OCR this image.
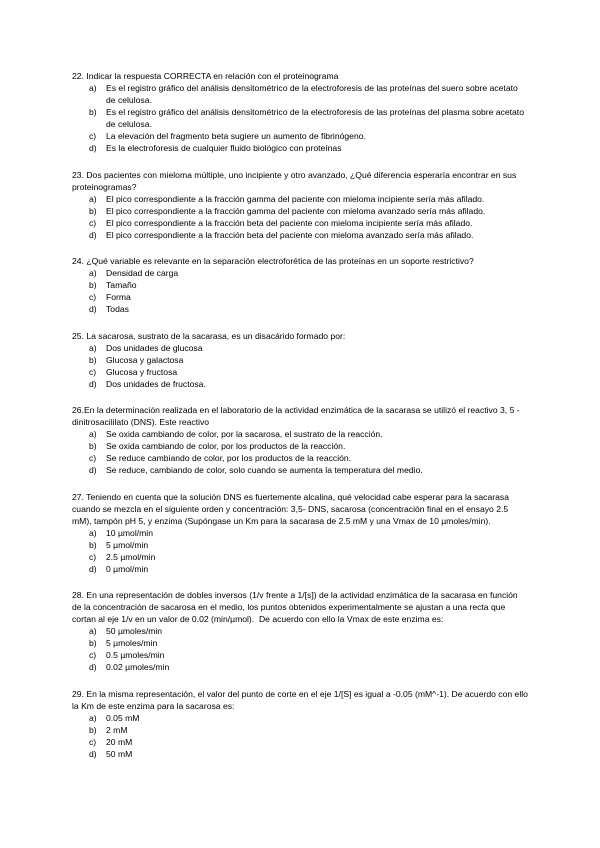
22. Indicar la respuesta CORRECTA en relación con el proteinograma

a)	Es el registro gráfico del análisis densitométrico de la electroforesis de las proteínas del suero sobre acetato de celulosa.
b)	Es el registro gráfico del análisis densitométrico de la electroforesis de las proteínas del plasma sobre acetato de celulosa.
c)	La elevación del fragmento beta sugiere un aumento de fibrinógeno.
d)	Es la electroforesis de cualquier fluido biológico con proteínas

23. Dos pacientes con mieloma múltiple, uno incipiente y otro avanzado, ¿Qué diferencia esperaría encontrar en sus proteinogramas?

a)	El pico correspondiente a la fracción gamma del paciente con mieloma incipiente sería más afilado.
b)	El pico correspondiente a la fracción gamma del paciente con mieloma avanzado sería más afilado.
c)	El pico correspondiente a la fracción beta del paciente con mieloma incipiente sería más afilado.
d)	El pico correspondiente a la fracción beta del paciente con mieloma avanzado sería más afilado.

24. ¿Qué variable es relevante en la separación electroforética de las proteínas en un soporte restrictivo?

a)	Densidad de carga
b)	Tamaño
c)	Forma
d)	Todas

25. La sacarosa, sustrato de la sacarasa, es un disacárido formado por:

a)	Dos unidades de glucosa
b)	Glucosa y galactosa
c)	Glucosa y fructosa
d)	Dos unidades de fructosa.

26.En la determinación realizada en el laboratorio de la actividad enzimática de la sacarasa se utilizó el reactivo 3, 5 - dinitrosacililato (DNS). Este reactivo

a)	Se oxida cambiando de color, por la sacarosa, el sustrato de la reacción.
b)	Se oxida cambiando de color, por los productos de la reacción.
c)	Se reduce cambiando de color, por los productos de la reacción.
d)	Se reduce, cambiando de color, solo cuando se aumenta la temperatura del medio.

27. Teniendo en cuenta que la solución DNS es fuertemente alcalina, qué velocidad cabe esperar para la sacarasa cuando se mezcla en el siguiente orden y concentración: 3,5- DNS, sacarosa (concentración final en el ensayo 2.5 mM), tampón pH 5, y enzima (Supóngase un Km para la sacarasa de 2.5 mM y una Vmax de 10 µmoles/min).

a)	10 µmol/min
b)	5 µmol/min
c)	2.5 µmol/min
d)	0 µmol/min

28. En una representación de dobles inversos (1/v frente a 1/[s]) de la actividad enzimática de la sacarasa en función de la concentración de sacarosa en el medio, los puntos obtenidos experimentalmente se ajustan a una recta que cortan al eje 1/v en un valor de 0.02 (min/µmol).  De acuerdo con ello la Vmax de este enzima es:

a)	50 µmoles/min
b)	5 µmoles/min
c)	0.5 µmoles/min
d)	0.02 µmoles/min

29. En la misma representación, el valor del punto de corte en el eje 1/[S] es igual a -0.05 (mM^-1). De acuerdo con ello la Km de este enzima para la sacarosa es:

a)	0.05 mM
b)	2 mM
c)	20 mM
d)	50 mM
